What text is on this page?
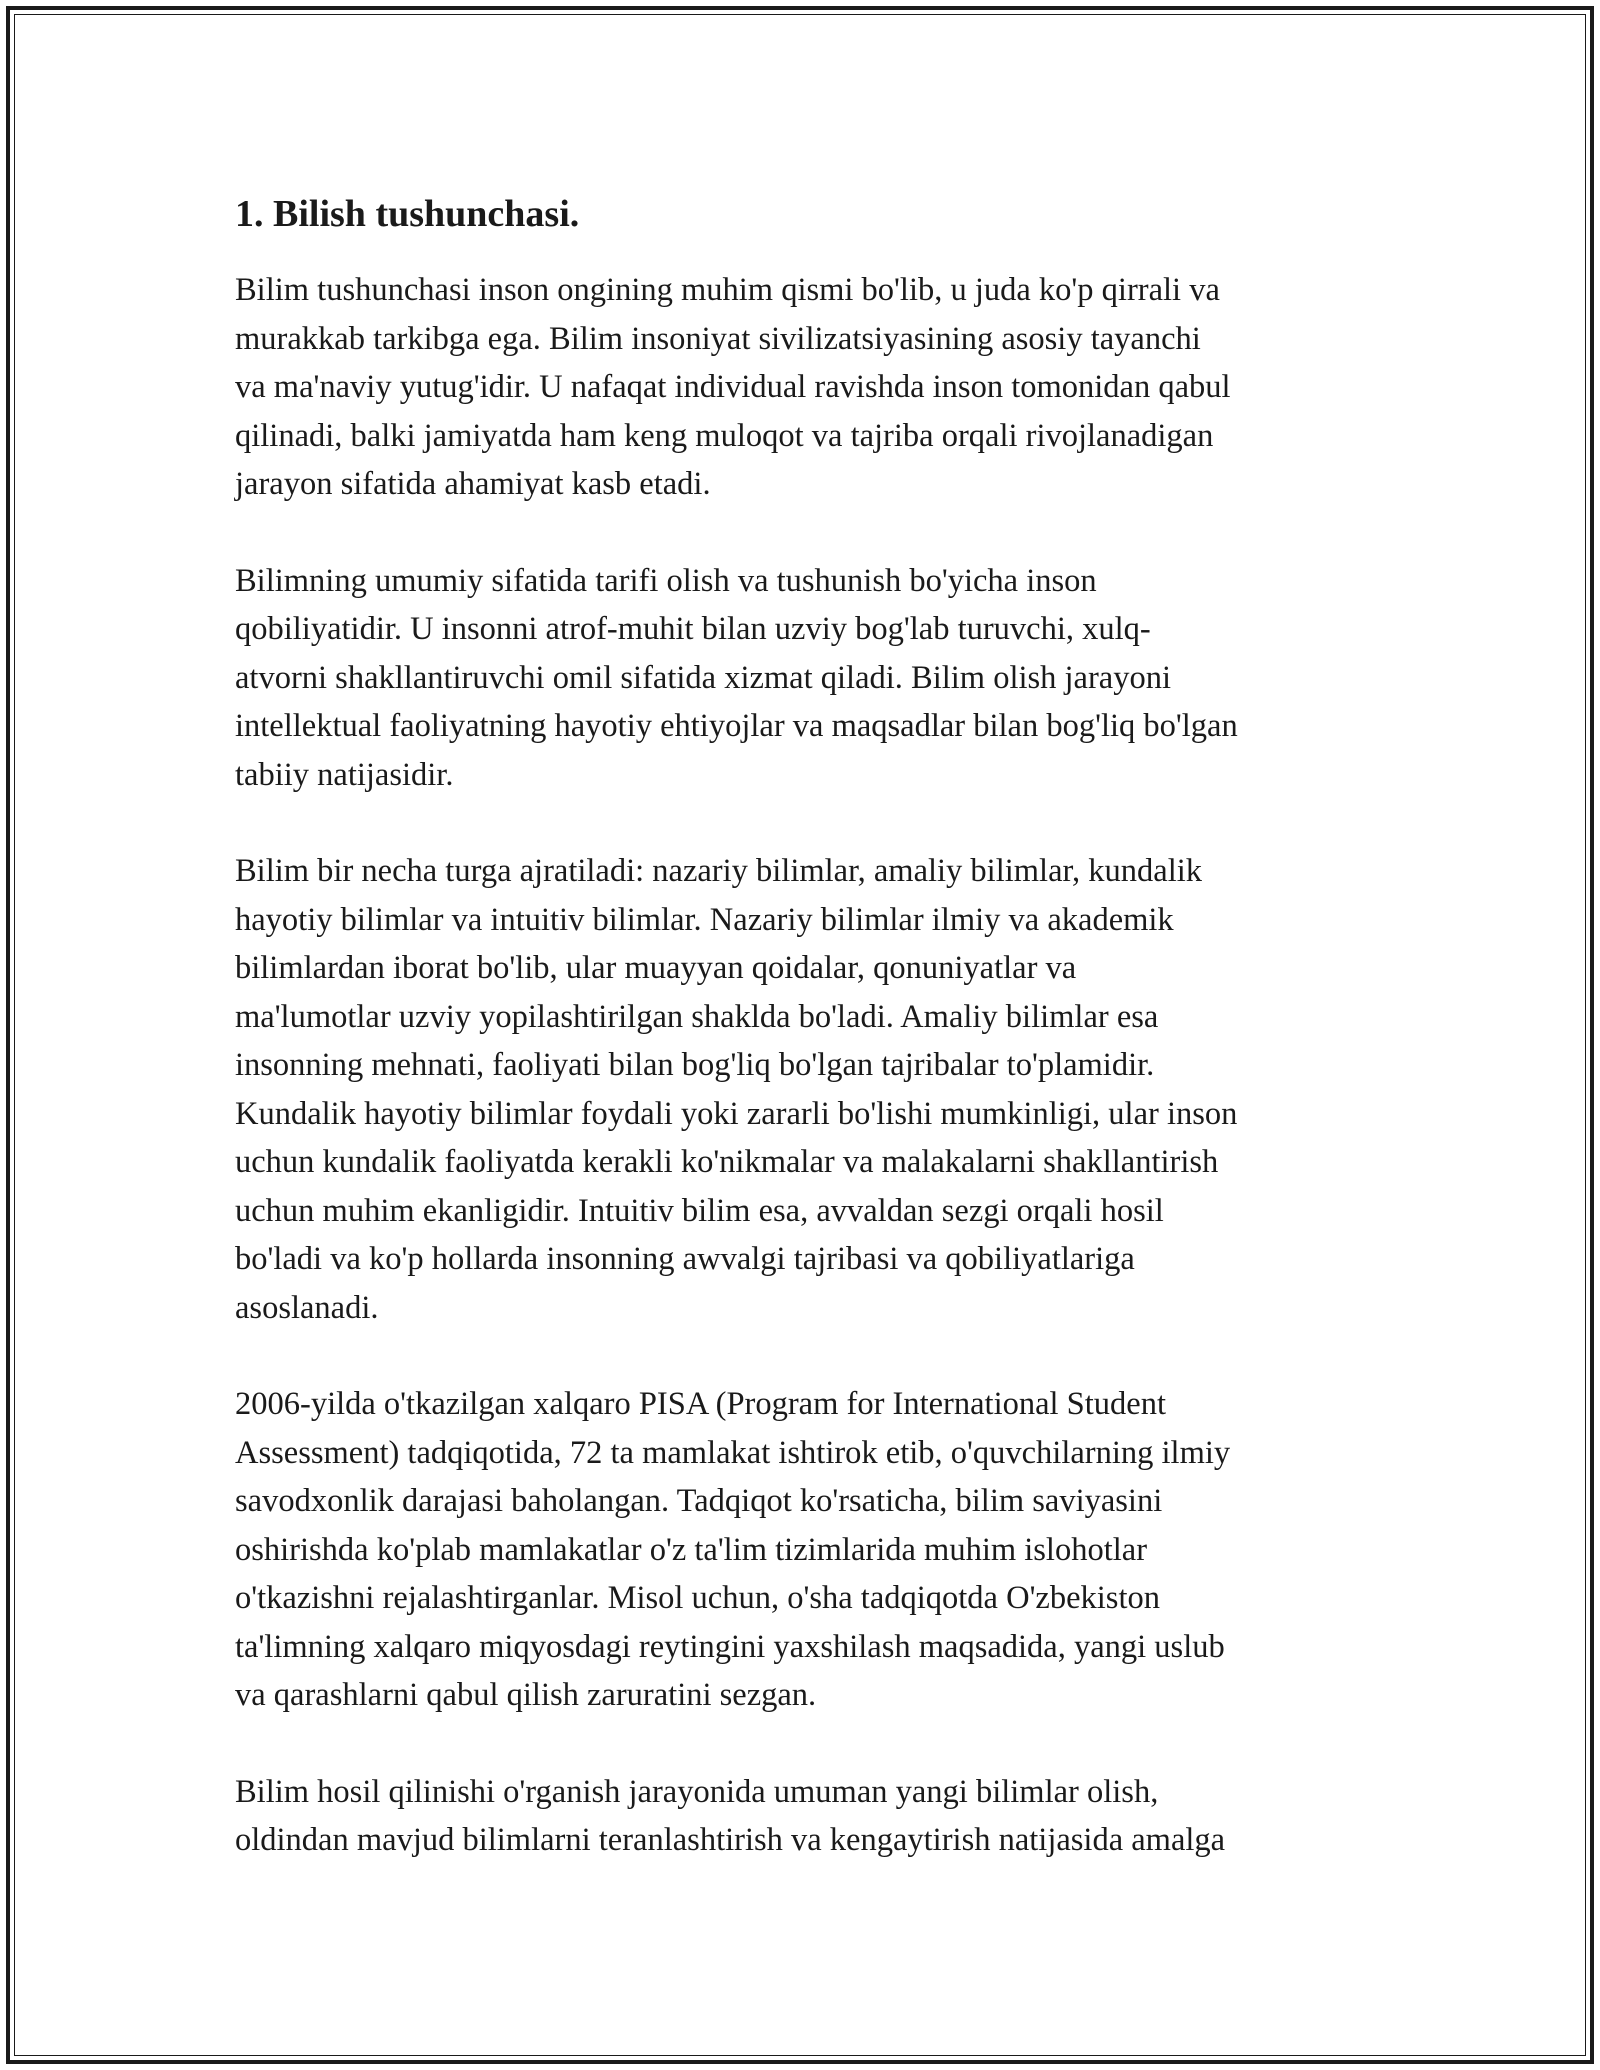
1. Bilish tushunchasi.

Bilim tushunchasi inson ongining muhim qismi bo'lib, u juda ko'p qirrali va
murakkab tarkibga ega. Bilim insoniyat sivilizatsiyasining asosiy tayanchi
va ma'naviy yutug'idir. U nafaqat individual ravishda inson tomonidan qabul
qilinadi, balki jamiyatda ham keng muloqot va tajriba orqali rivojlanadigan
jarayon sifatida ahamiyat kasb etadi.

Bilimning umumiy sifatida tarifi olish va tushunish bo'yicha inson
qobiliyatidir. U insonni atrof-muhit bilan uzviy bog'lab turuvchi, xulq-
atvorni shakllantiruvchi omil sifatida xizmat qiladi. Bilim olish jarayoni
intellektual faoliyatning hayotiy ehtiyojlar va maqsadlar bilan bog'liq bo'lgan
tabiiy natijasidir.

Bilim bir necha turga ajratiladi: nazariy bilimlar, amaliy bilimlar, kundalik
hayotiy bilimlar va intuitiv bilimlar. Nazariy bilimlar ilmiy va akademik
bilimlardan iborat bo'lib, ular muayyan qoidalar, qonuniyatlar va
ma'lumotlar uzviy yopilashtirilgan shaklda bo'ladi. Amaliy bilimlar esa
insonning mehnati, faoliyati bilan bog'liq bo'lgan tajribalar to'plamidir.
Kundalik hayotiy bilimlar foydali yoki zararli bo'lishi mumkinligi, ular inson
uchun kundalik faoliyatda kerakli ko'nikmalar va malakalarni shakllantirish
uchun muhim ekanligidir. Intuitiv bilim esa, avvaldan sezgi orqali hosil
bo'ladi va ko'p hollarda insonning awvalgi tajribasi va qobiliyatlariga
asoslanadi.

2006-yilda o'tkazilgan xalqaro PISA (Program for International Student
Assessment) tadqiqotida, 72 ta mamlakat ishtirok etib, o'quvchilarning ilmiy
savodxonlik darajasi baholangan. Tadqiqot ko'rsaticha, bilim saviyasini
oshirishda ko'plab mamlakatlar o'z ta'lim tizimlarida muhim islohotlar
o'tkazishni rejalashtirganlar. Misol uchun, o'sha tadqiqotda O'zbekiston
ta'limning xalqaro miqyosdagi reytingini yaxshilash maqsadida, yangi uslub
va qarashlarni qabul qilish zaruratini sezgan.

Bilim hosil qilinishi o'rganish jarayonida umuman yangi bilimlar olish,
oldindan mavjud bilimlarni teranlashtirish va kengaytirish natijasida amalga
